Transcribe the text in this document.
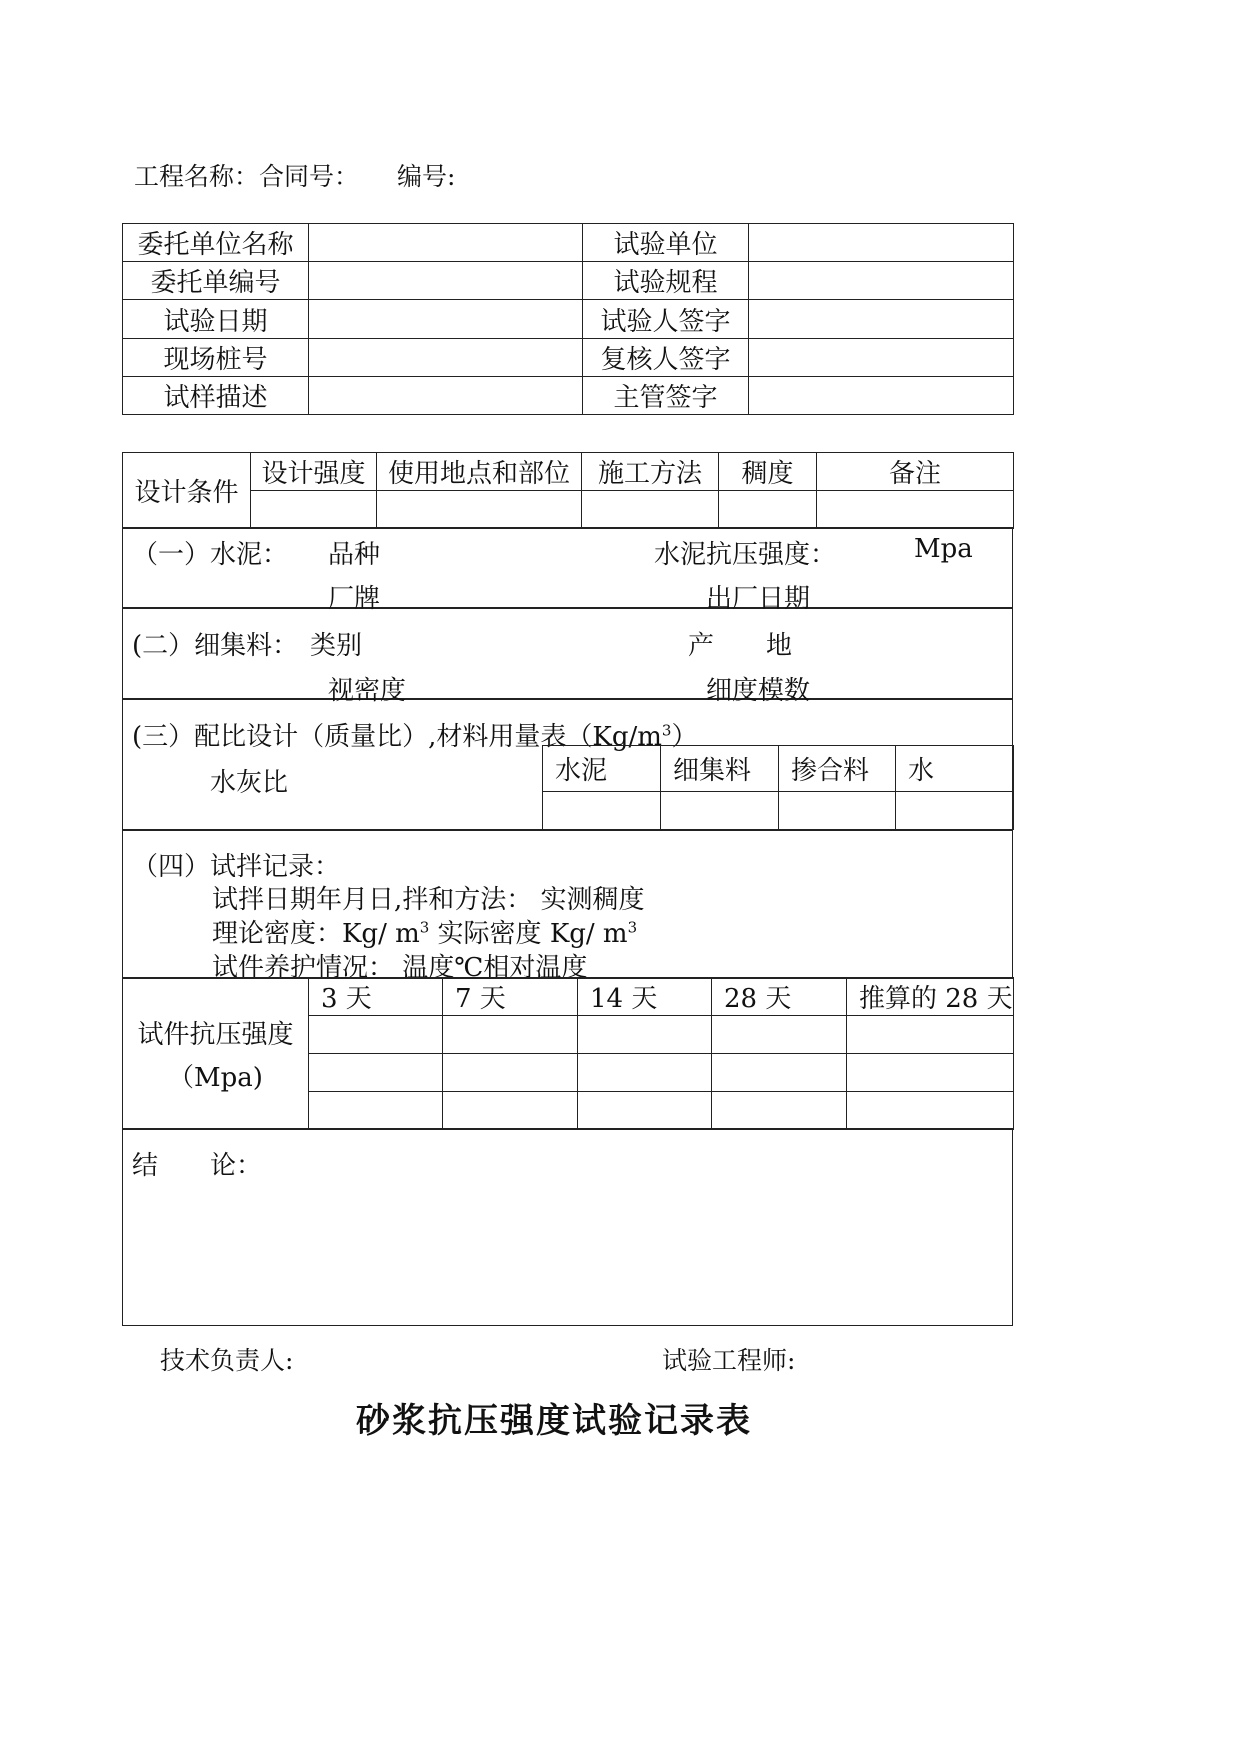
工程名称：合同号： 编号:
委托单位名称		试验单位	
委托单编号		试验规程	
试验日期		试验人签字	
现场桩号		复核人签字	
试样描述		主管签字	
设计条件	设计强度	使用地点和部位	施工方法	稠度	备注

（一）水泥： 品种	水泥抗压强度：	Mpa
厂牌	出厂日期
(二）细集料： 类别	产　　地
视密度	细度模数
(三）配比设计（质量比）,材料用量表$(Kg/m^3)$
水灰比	水泥	细集料	掺合料	水

（四）试拌记录：
试拌日期年月日,拌和方法： 实测稠度
理论密度：Kg/ $m^3$ 实际密度 Kg/ $m^3$
试件养护情况： 温度℃相对温度
试件抗压强度
（Mpa)	3 天	7 天	14 天	28 天	推算的 28 天

结　　论：
技术负责人:	试验工程师:
砂浆抗压强度试验记录表
